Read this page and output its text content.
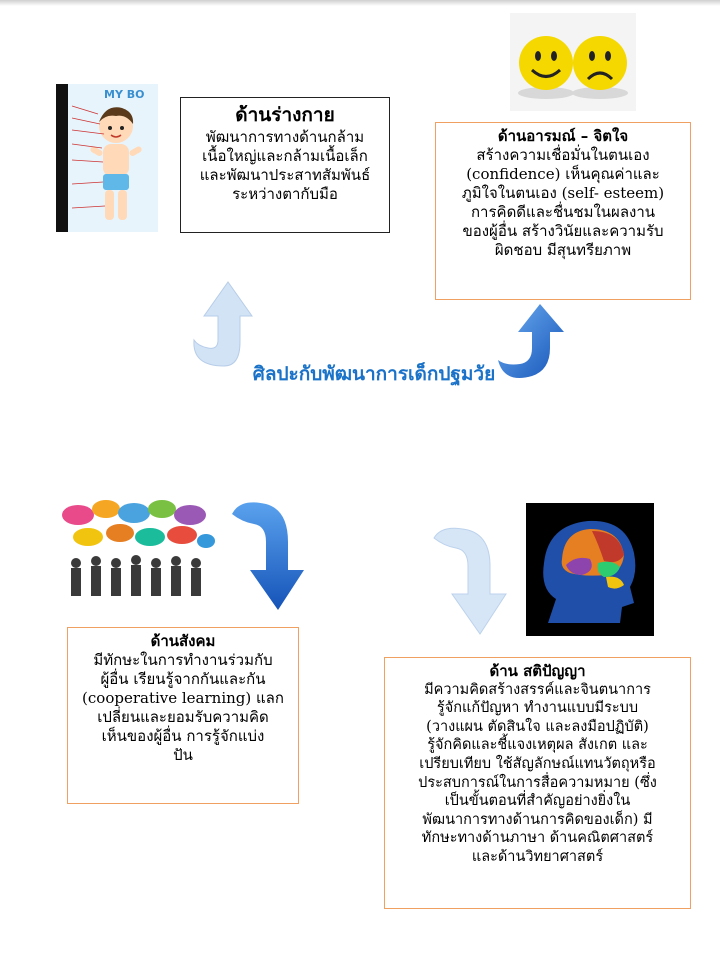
MY BO
ด้านร่างกาย
พัฒนาการทางด้านกล้าม
เนื้อใหญ่และกล้ามเนื้อเล็ก
และพัฒนาประสาทสัมพันธ์
ระหว่างตากับมือ
ด้านอารมณ์ – จิตใจ
สร้างความเชื่อมั่นในตนเอง
(confidence) เห็นคุณค่าและ
ภูมิใจในตนเอง (self- esteem)
การคิดดีและชื่นชมในผลงาน
ของผู้อื่น สร้างวินัยและความรับ
ผิดชอบ มีสุนทรียภาพ
ศิลปะกับพัฒนาการเด็กปฐมวัย
ด้านสังคม
มีทักษะในการทำงานร่วมกับ
ผู้อื่น เรียนรู้จากกันและกัน
(cooperative learning) แลก
เปลี่ยนและยอมรับความคิด
เห็นของผู้อื่น การรู้จักแบ่ง
ปัน
ด้าน สติปัญญา
มีความคิดสร้างสรรค์และจินตนาการ
รู้จักแก้ปัญหา ทำงานแบบมีระบบ
(วางแผน ตัดสินใจ และลงมือปฏิบัติ)
รู้จักคิดและชี้แจงเหตุผล สังเกต และ
เปรียบเทียบ ใช้สัญลักษณ์แทนวัตถุหรือ
ประสบการณ์ในการสื่อความหมาย (ซึ่ง
เป็นขั้นตอนที่สำคัญอย่างยิ่งใน
พัฒนาการทางด้านการคิดของเด็ก) มี
ทักษะทางด้านภาษา ด้านคณิตศาสตร์
และด้านวิทยาศาสตร์
